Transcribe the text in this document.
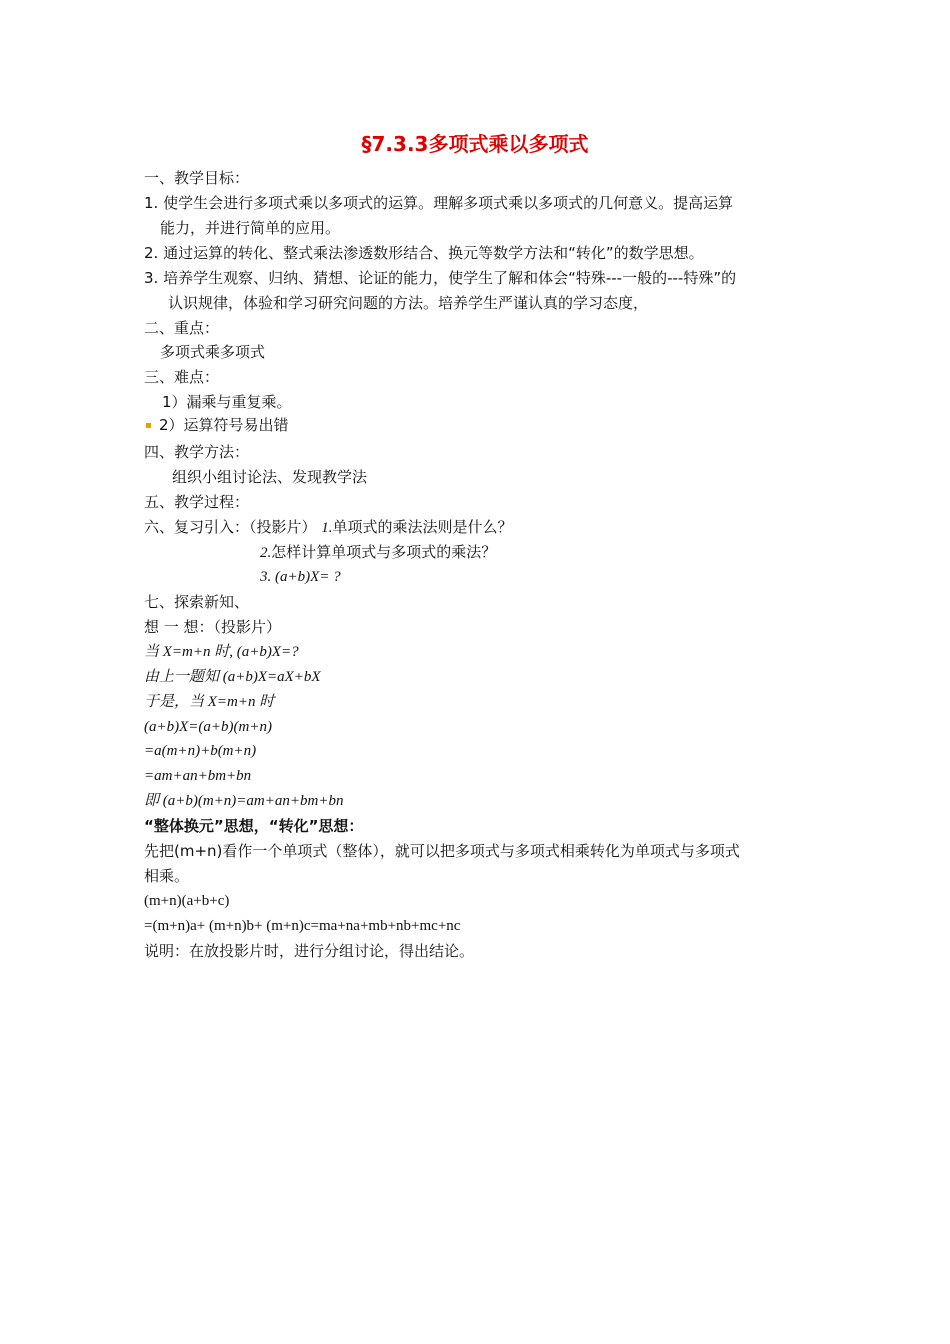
§7.3.3多项式乘以多项式
一、教学目标：
1. 使学生会进行多项式乘以多项式的运算。理解多项式乘以多项式的几何意义。提高运算
能力，并进行简单的应用。
2. 通过运算的转化、整式乘法渗透数形结合、换元等数学方法和“转化”的数学思想。
3. 培养学生观察、归纳、猜想、论证的能力，使学生了解和体会“特殊---一般的---特殊”的
认识规律，体验和学习研究问题的方法。培养学生严谨认真的学习态度，
二、重点：
多项式乘多项式
三、难点：
1）漏乘与重复乘。
2）运算符号易出错
四、教学方法：
组织小组讨论法、发现教学法
五、教学过程：
六、复习引入：（投影片） 1.单项式的乘法法则是什么？
2.怎样计算单项式与多项式的乘法？
3. (a+b)X= ?
七、探索新知、
想 一 想：（投影片）
当 X=m+n 时, (a+b)X=?
由上一题知 (a+b)X=aX+bX
于是，当 X=m+n 时
(a+b)X=(a+b)(m+n)
=a(m+n)+b(m+n)
=am+an+bm+bn
即 (a+b)(m+n)=am+an+bm+bn
“整体换元”思想，“转化”思想：
先把(m+n)看作一个单项式（整体），就可以把多项式与多项式相乘转化为单项式与多项式
相乘。
(m+n)(a+b+c)
=(m+n)a+ (m+n)b+ (m+n)c=ma+na+mb+nb+mc+nc
说明：在放投影片时，进行分组讨论，得出结论。
